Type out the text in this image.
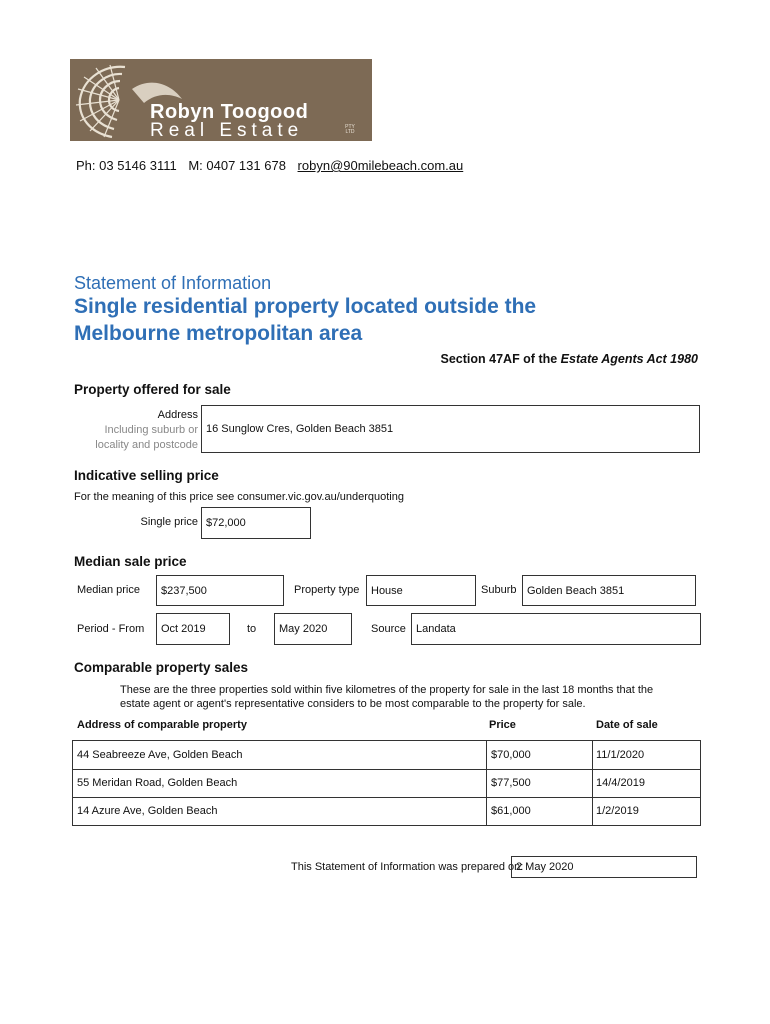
Robyn Toogood
Real Estate	PTY LTD
Ph: 03 5146 3111 M: 0407 131 678 robyn@90milebeach.com.au
Statement of Information
Single residential property located outside the
Melbourne metropolitan area
Section 47AF of the Estate Agents Act 1980
Property offered for sale
Address
Including suburb or
locality and postcode
16 Sunglow Cres, Golden Beach 3851
Indicative selling price
For the meaning of this price see consumer.vic.gov.au/underquoting
Single price $72,000
Median sale price
Median price $237,500	Property type House	Suburb Golden Beach 3851
Period - From Oct 2019	to May 2020	Source Landata
Comparable property sales
These are the three properties sold within five kilometres of the property for sale in the last 18 months that the
estate agent or agent's representative considers to be most comparable to the property for sale.
Address of comparable property	Price	Date of sale
44 Seabreeze Ave, Golden Beach	$70,000	11/1/2020
55 Meridan Road, Golden Beach	$77,500	14/4/2019
14 Azure Ave, Golden Beach	$61,000	1/2/2019
This Statement of Information was prepared on:
2 May 2020
